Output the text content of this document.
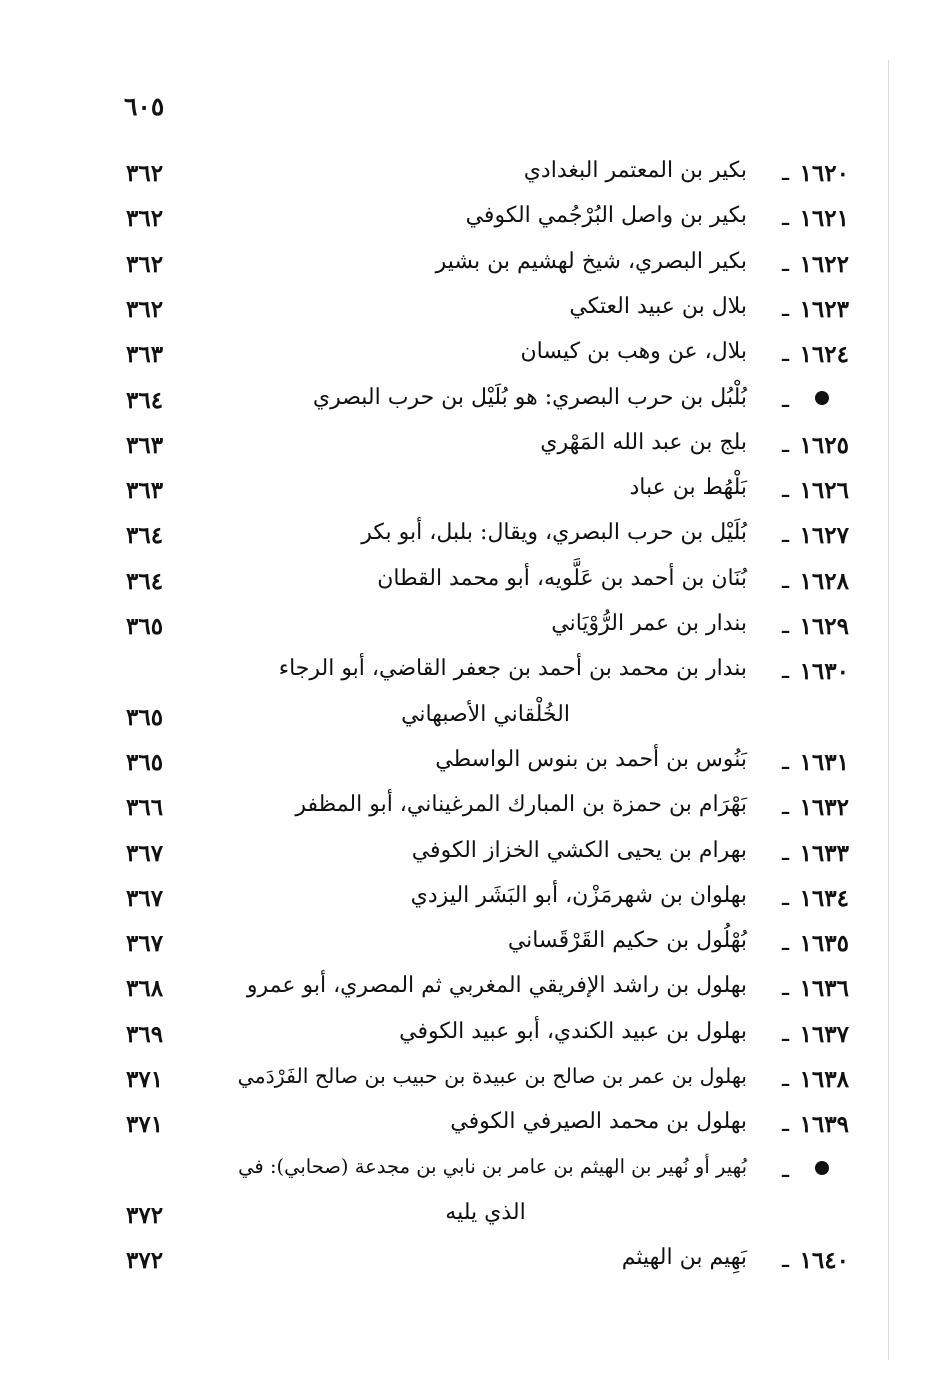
٦٠٥
١٦٢٠
ـ
بكير بن المعتمر البغدادي
٣٦٢
١٦٢١
ـ
بكير بن واصل البُرْجُمي الكوفي
٣٦٢
١٦٢٢
ـ
بكير البصري، شيخ لهشيم بن بشير
٣٦٢
١٦٢٣
ـ
بلال بن عبيد العتكي
٣٦٢
١٦٢٤
ـ
بلال، عن وهب بن كيسان
٣٦٣
ـ
بُلْبُل بن حرب البصري: هو بُلَيْل بن حرب البصري
٣٦٤
١٦٢٥
ـ
بلج بن عبد الله المَهْري
٣٦٣
١٦٢٦
ـ
بَلْهُط بن عباد
٣٦٣
١٦٢٧
ـ
بُلَيْل بن حرب البصري، ويقال: بلبل، أبو بكر
٣٦٤
١٦٢٨
ـ
بُنَان بن أحمد بن عَلَّويه، أبو محمد القطان
٣٦٤
١٦٢٩
ـ
بندار بن عمر الرُّوْيَاني
٣٦٥
١٦٣٠
ـ
بندار بن محمد بن أحمد بن جعفر القاضي، أبو الرجاء
الخُلْقاني الأصبهاني
٣٦٥
١٦٣١
ـ
بَنُوس بن أحمد بن بنوس الواسطي
٣٦٥
١٦٣٢
ـ
بَهْرَام بن حمزة بن المبارك المرغيناني، أبو المظفر
٣٦٦
١٦٣٣
ـ
بهرام بن يحيى الكشي الخزاز الكوفي
٣٦٧
١٦٣٤
ـ
بهلوان بن شهرمَزْن، أبو البَشَر اليزدي
٣٦٧
١٦٣٥
ـ
بُهْلُول بن حكيم القَرْقَساني
٣٦٧
١٦٣٦
ـ
بهلول بن راشد الإفريقي المغربي ثم المصري، أبو عمرو
٣٦٨
١٦٣٧
ـ
بهلول بن عبيد الكندي، أبو عبيد الكوفي
٣٦٩
١٦٣٨
ـ
بهلول بن عمر بن صالح بن عبيدة بن حبيب بن صالح الفَرْدَمي
٣٧١
١٦٣٩
ـ
بهلول بن محمد الصيرفي الكوفي
٣٧١
ـ
بُهير أو نُهير بن الهيثم بن عامر بن نابي بن مجدعة (صحابي): في
الذي يليه
٣٧٢
١٦٤٠
ـ
بَهِيم بن الهيثم
٣٧٢
